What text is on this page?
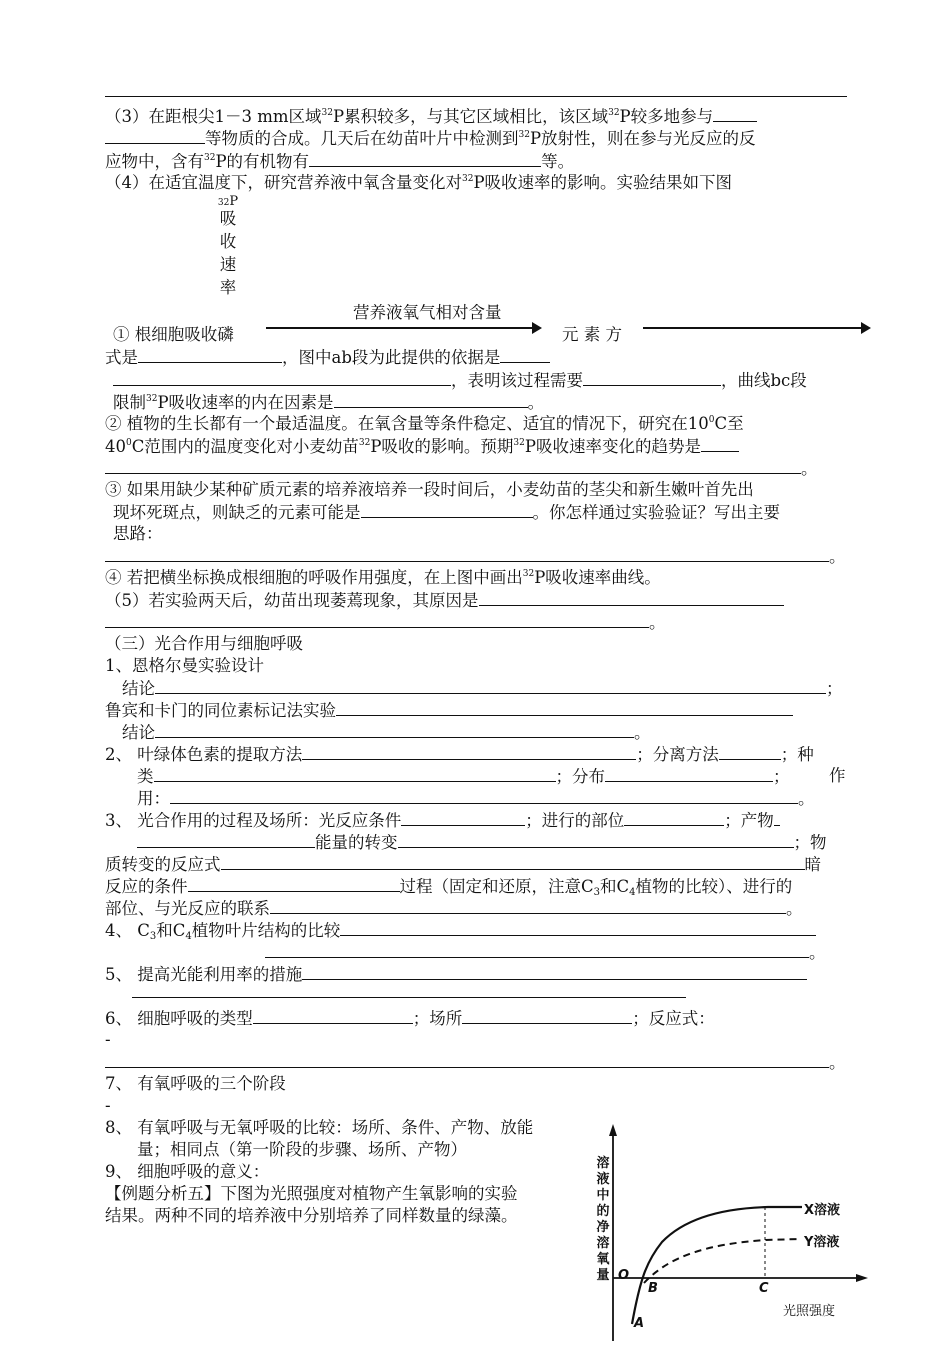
（3）在距根尖1－3 mm区域$^{32}$P累积较多，与其它区域相比，该区域$^{32}$P较多地参与
等物质的合成。几天后在幼苗叶片中检测到$^{32}$P放射性，则在参与光反应的反
应物中，含有$^{32}$P的有机物有	等。
（4）在适宜温度下，研究营养液中氧含量变化对$^{32}$P吸收速率的影响。实验结果如下图
32P
吸
收
速
率
营养液氧气相对含量
① 根细胞吸收磷	元 素 方
式是	，图中ab段为此提供的依据是
，表明该过程需要	，曲线bc段
限制$^{32}$P吸收速率的内在因素是	。
② 植物的生长都有一个最适温度。在氧含量等条件稳定、适宜的情况下，研究在$10^0C$至
$40^0C$范围内的温度变化对小麦幼苗$^{32}$P吸收的影响。预期$^{32}$P吸收速率变化的趋势是
。
③ 如果用缺少某种矿质元素的培养液培养一段时间后，小麦幼苗的茎尖和新生嫩叶首先出
现坏死斑点，则缺乏的元素可能是	。你怎样通过实验验证？写出主要
思路：
。
④ 若把横坐标换成根细胞的呼吸作用强度，在上图中画出$^{32}$P吸收速率曲线。
（5）若实验两天后，幼苗出现萎蔫现象，其原因是
。
（三）光合作用与细胞呼吸
1、恩格尔曼实验设计
结论	；
鲁宾和卡门的同位素标记法实验
结论	。
2、 叶绿体色素的提取方法	；分离方法	；种
类	；分布	； 作
用：	。
3、 光合作用的过程及场所：光反应条件	；进行的部位	；产物
能量的转变	；物
质转变的反应式	暗
反应的条件	过程（固定和还原，注意$C_3$和$C_4$植物的比较）、进行的
部位、与光反应的联系	。
4、 $C_3$和$C_4$植物叶片结构的比较
。
5、 提高光能利用率的措施
6、 细胞呼吸的类型	；场所	；反应式：
-
。
7、 有氧呼吸的三个阶段
-
8、 有氧呼吸与无氧呼吸的比较：场所、条件、产物、放能
量；相同点（第一阶段的步骤、场所、产物）
9、 细胞呼吸的意义：
【例题分析五】下图为光照强度对植物产生氧影响的实验
结果。两种不同的培养液中分别培养了同样数量的绿藻。
溶
液
中
的
净
溶
氧
量 O
B
A
C
光照强度
X溶液
Y溶液
